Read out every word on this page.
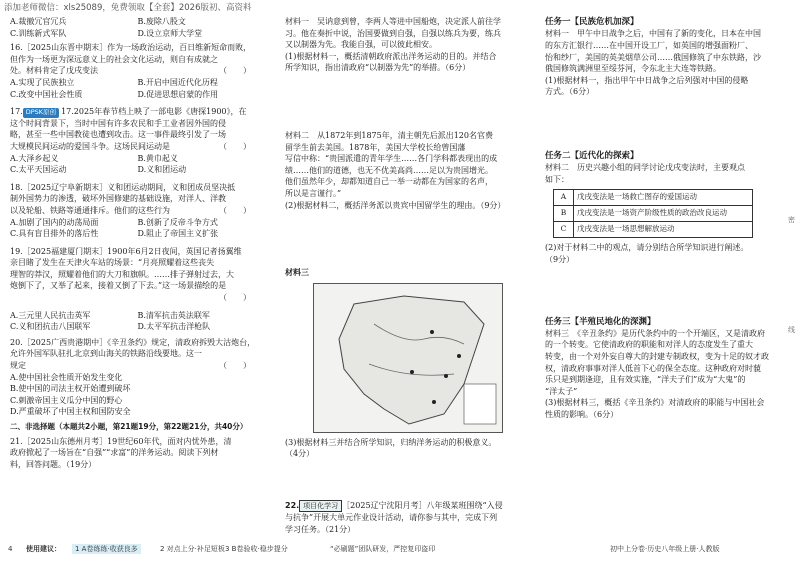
添加老师微信：xls25089，免费领取【全套】2026版初、高资料
A.裁撤冗官冗兵	B.废除八股文
C.训练新式军队	D.设立京师大学堂

16.［2025山东晋中期末］作为一场政治运动，百日维新短命而败，

但作为一场更为深远意义上的社会文化运动，则自有成就之

处。材料肯定了戊戌变法	（　　）

A.实现了民族独立	B.开启中国近代化历程
C.改变中国社会性质	D.促进思想启蒙的作用

17. DPSK原创 17.2025年春节档上映了一部电影《唐探1900》，在

这个时间背景下，当时中国有许多农民和手工业者因外国的侵

略，甚至一些中国教徒也遭到攻击。这一事件最终引发了一场

大规模民间运动的爱国斗争。这场民间运动是	（　　）

A.大泽乡起义	B.黄巾起义
C.太平天国运动	D.义和团运动

18.［2025辽宁阜新期末］义和团运动期间，义和团成员坚决抵

制外国势力的渗透，破坏外国修建的基础设施，对洋人、洋教

以及轮船、铁路等通通排斥。他们的这些行为	（　　）

A.加剧了国内的动荡局面	B.创新了反帝斗争方式
C.具有盲目排外的落后性	D.阻止了帝国主义扩张

19.［2025福建厦门期末］1900年6月2日夜间，英国记者扬翼维

亲目睹了发生在天津火车站的场景：“月亮照耀着这些丧失

理智的莽汉，照耀着他们的大刀和旗帜。……排子弹射过去，大

炮倒下了，又举了起来，接着又倒了下去。”这一场景描绘的是

（　　）

A.三元里人民抗击英军	B.清军抗击英法联军
C.义和团抗击八国联军	D.太平军抗击洋枪队

20.［2025广西贵港期中］《辛丑条约》规定，清政府拆毁大沽炮台，

允许外国军队驻扎北京到山海关的铁路沿线要地。这一

规定	（　　）

A.使中国社会性质开始发生变化

B.使中国的司法主权开始遭到破坏

C.刺激帝国主义瓜分中国的野心

D.严重破坏了中国主权和国防安全

二、非选择题（本题共2小题，第21题19分，第22题21分，共40分）

21.［2025山东德州月考］19世纪60年代，面对内忧外患，清

政府掀起了一场旨在“自强”“求富”的洋务运动。阅读下列材

料，回答问题。（19分）

材料一　吴讷意到曾，李两人等进中国船炮，决定派人前往学

习。他在奏折中说，治国要做到自强，自强以练兵为要，练兵

又以制器为先。我能自强，可以彼此相安。

(1)根据材料一，概括清朝政府派出洋务运动的目的。并结合

所学知识，指出清政府“以制器为先”的举措。（6分）

材料二　从1872年到1875年，清主朝先后派出120名官费

留学生前去美国。1878年，美国大学校长给曾国藩

写信中称：“贵国派遣的青年学生……各门学科都表现出的成

绩……他们的道德，也无不优美高尚……足以为贵国增光。

他们虽然年少，却都知道自己一举一动都在为国家的名声，

所以是言谨行。”

(2)根据材料二，概括洋务派以贵宾中国留学生的理由。（9分）

材料三

(3)根据材料三并结合所学知识，归纳洋务运动的积极意义。

（4分）

22. 项目化学习 ［2025辽宁沈阳月考］八年级某班围绕“入侵

与抗争”开展大单元作业设计活动，请你参与其中，完成下列

学习任务。（21分）

任务一【民族危机加深】

材料一　甲午中日战争之后，中国有了新的变化，日本在中国

的东方汇银行……在中国开设工厂，如英国的增强面粉厂、

怡和纱厂，美国的英美烟草公司……俄国修筑了中东铁路，沙

俄国修筑满洲里至绥芬河，令东北主大连等铁路。

(1)根据材料一，指出甲午中日战争之后列强对中国的侵略

方式。（6分）

任务二【近代化的探索】

材料二　历史兴趣小组的同学讨论戊戌变法时，主要观点

如下：

A	戊戌变法是一场救亡图存的爱国运动
B	戊戌变法是一场资产阶级性质的政治改良运动
C	戊戌变法是一场思想解放运动

(2)对于材料二中的观点，请分别结合所学知识进行阐述。

（9分）

任务三【半殖民地化的深渊】

材料三　《辛丑条约》是历代条约中的一个开端区，又是清政府

的一个转变。它使清政府的职能和对洋人的态度发生了重大

转变，由一个对外妄自尊大的封建专制政权，变为十足的奴才政

权，清政府事事对洋人低首下心的保全态度。这种政府对时藐

乐只是到期逢迎，且有效实施，“洋夫子们”成为“大鬼”的

“洋太子”

(3)根据材料三，概括《辛丑条约》对清政府的职能与中国社会

性质的影响。（6分）

密
线
4 使用建议：	1 A卷练练·收获良多	2 对点上分·补足短板 3 B卷验收·稳步提分	“必刷题”团队研发，严控复印盗印	初中上分卷·历史八年级上册·人教版
